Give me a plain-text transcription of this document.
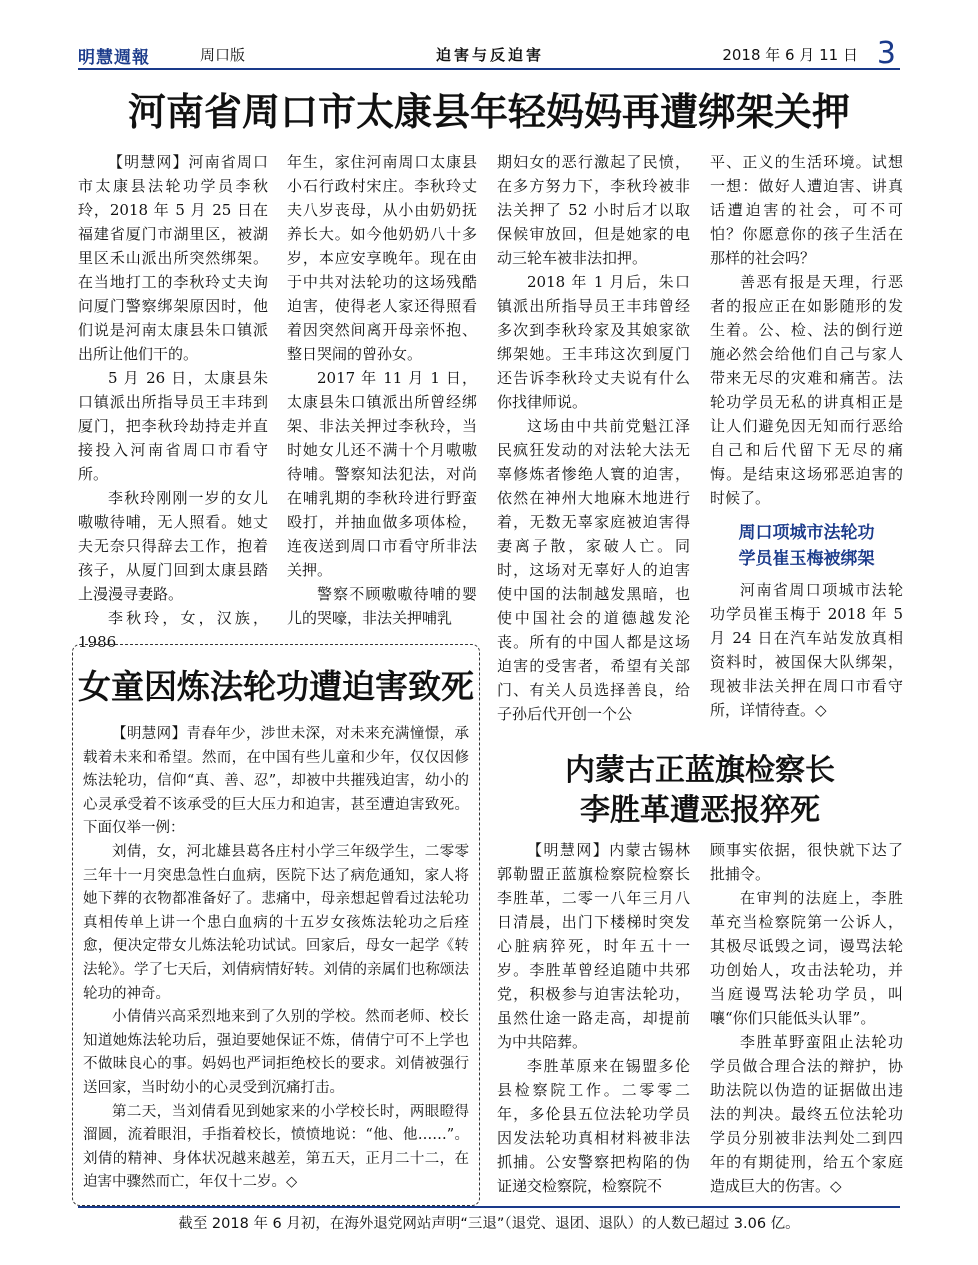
明慧週報	周口版	迫害与反迫害	2018 年 6 月 11 日 3
河南省周口市太康县年轻妈妈再遭绑架关押

【明慧网】河南省周口市太康县法轮功学员李秋玲，2018 年 5 月 25 日在福建省厦门市湖里区，被湖里区禾山派出所突然绑架。在当地打工的李秋玲丈夫询问厦门警察绑架原因时，他们说是河南太康县朱口镇派出所让他们干的。

5 月 26 日，太康县朱口镇派出所指导员王丰玮到厦门，把李秋玲劫持走并直接投入河南省周口市看守所。

李秋玲刚刚一岁的女儿嗷嗷待哺，无人照看。她丈夫无奈只得辞去工作，抱着孩子，从厦门回到太康县踏上漫漫寻妻路。

李秋玲，女，汉族，1986

年生，家住河南周口太康县小石行政村宋庄。李秋玲丈夫八岁丧母，从小由奶奶抚养长大。如今他奶奶八十多岁，本应安享晚年。现在由于中共对法轮功的这场残酷迫害，使得老人家还得照看着因突然间离开母亲怀抱、整日哭闹的曾孙女。

2017 年 11 月 1 日，太康县朱口镇派出所曾经绑架、非法关押过李秋玲，当时她女儿还不满十个月嗷嗷待哺。警察知法犯法，对尚在哺乳期的李秋玲进行野蛮殴打，并抽血做多项体检，连夜送到周口市看守所非法关押。

警察不顾嗷嗷待哺的婴儿的哭嚎，非法关押哺乳

期妇女的恶行激起了民愤，在多方努力下，李秋玲被非法关押了 52 小时后才以取保候审放回，但是她家的电动三轮车被非法扣押。

2018 年 1 月后，朱口镇派出所指导员王丰玮曾经多次到李秋玲家及其娘家欲绑架她。王丰玮这次到厦门还告诉李秋玲丈夫说有什么你找律师说。

这场由中共前党魁江泽民疯狂发动的对法轮大法无辜修炼者惨绝人寰的迫害，依然在神州大地麻木地进行着，无数无辜家庭被迫害得妻离子散，家破人亡。同时，这场对无辜好人的迫害使中国的法制越发黑暗，也使中国社会的道德越发沦丧。所有的中国人都是这场迫害的受害者，希望有关部门、有关人员选择善良，给子孙后代开创一个公

平、正义的生活环境。试想一想：做好人遭迫害、讲真话遭迫害的社会，可不可怕？你愿意你的孩子生活在那样的社会吗？

善恶有报是天理，行恶者的报应正在如影随形的发生着。公、检、法的倒行逆施必然会给他们自己与家人带来无尽的灾难和痛苦。法轮功学员无私的讲真相正是让人们避免因无知而行恶给自己和后代留下无尽的痛悔。是结束这场邪恶迫害的时候了。

周口项城市法轮功
学员崔玉梅被绑架

河南省周口项城市法轮功学员崔玉梅于 2018 年 5 月 24 日在汽车站发放真相资料时，被国保大队绑架，现被非法关押在周口市看守所，详情待查。◇

女童因炼法轮功遭迫害致死

【明慧网】青春年少，涉世未深，对未来充满憧憬，承载着未来和希望。然而，在中国有些儿童和少年，仅仅因修炼法轮功，信仰“真、善、忍”，却被中共摧残迫害，幼小的心灵承受着不该承受的巨大压力和迫害，甚至遭迫害致死。下面仅举一例：

刘倩，女，河北雄县葛各庄村小学三年级学生，二零零三年十一月突患急性白血病，医院下达了病危通知，家人将她下葬的衣物都准备好了。悲痛中，母亲想起曾看过法轮功真相传单上讲一个患白血病的十五岁女孩炼法轮功之后痊愈，便决定带女儿炼法轮功试试。回家后，母女一起学《转法轮》。学了七天后，刘倩病情好转。刘倩的亲属们也称颂法轮功的神奇。

小倩倩兴高采烈地来到了久别的学校。然而老师、校长知道她炼法轮功后，强迫要她保证不炼，倩倩宁可不上学也不做昧良心的事。妈妈也严词拒绝校长的要求。刘倩被强行送回家，当时幼小的心灵受到沉痛打击。

第二天，当刘倩看见到她家来的小学校长时，两眼瞪得溜圆，流着眼泪，手指着校长，愤愤地说：“他、他……”。刘倩的精神、身体状况越来越差，第五天，正月二十二，在迫害中骤然而亡，年仅十二岁。◇

内蒙古正蓝旗检察长
李胜革遭恶报猝死

【明慧网】内蒙古锡林郭勒盟正蓝旗检察院检察长李胜革，二零一八年三月八日清晨，出门下楼梯时突发心脏病猝死，时年五十一岁。李胜革曾经追随中共邪党，积极参与迫害法轮功，虽然仕途一路走高，却提前为中共陪葬。

李胜革原来在锡盟多伦县检察院工作。二零零二年，多伦县五位法轮功学员因发法轮功真相材料被非法抓捕。公安警察把构陷的伪证递交检察院，检察院不

顾事实依据，很快就下达了批捕令。

在审判的法庭上，李胜革充当检察院第一公诉人，其极尽诋毁之词，谩骂法轮功创始人，攻击法轮功，并当庭谩骂法轮功学员，叫嚷“你们只能低头认罪”。

李胜革野蛮阻止法轮功学员做合理合法的辩护，协助法院以伪造的证据做出违法的判决。最终五位法轮功学员分别被非法判处二到四年的有期徒刑，给五个家庭造成巨大的伤害。◇

截至 2018 年 6 月初，在海外退党网站声明“三退”（退党、退团、退队）的人数已超过 3.06 亿。
